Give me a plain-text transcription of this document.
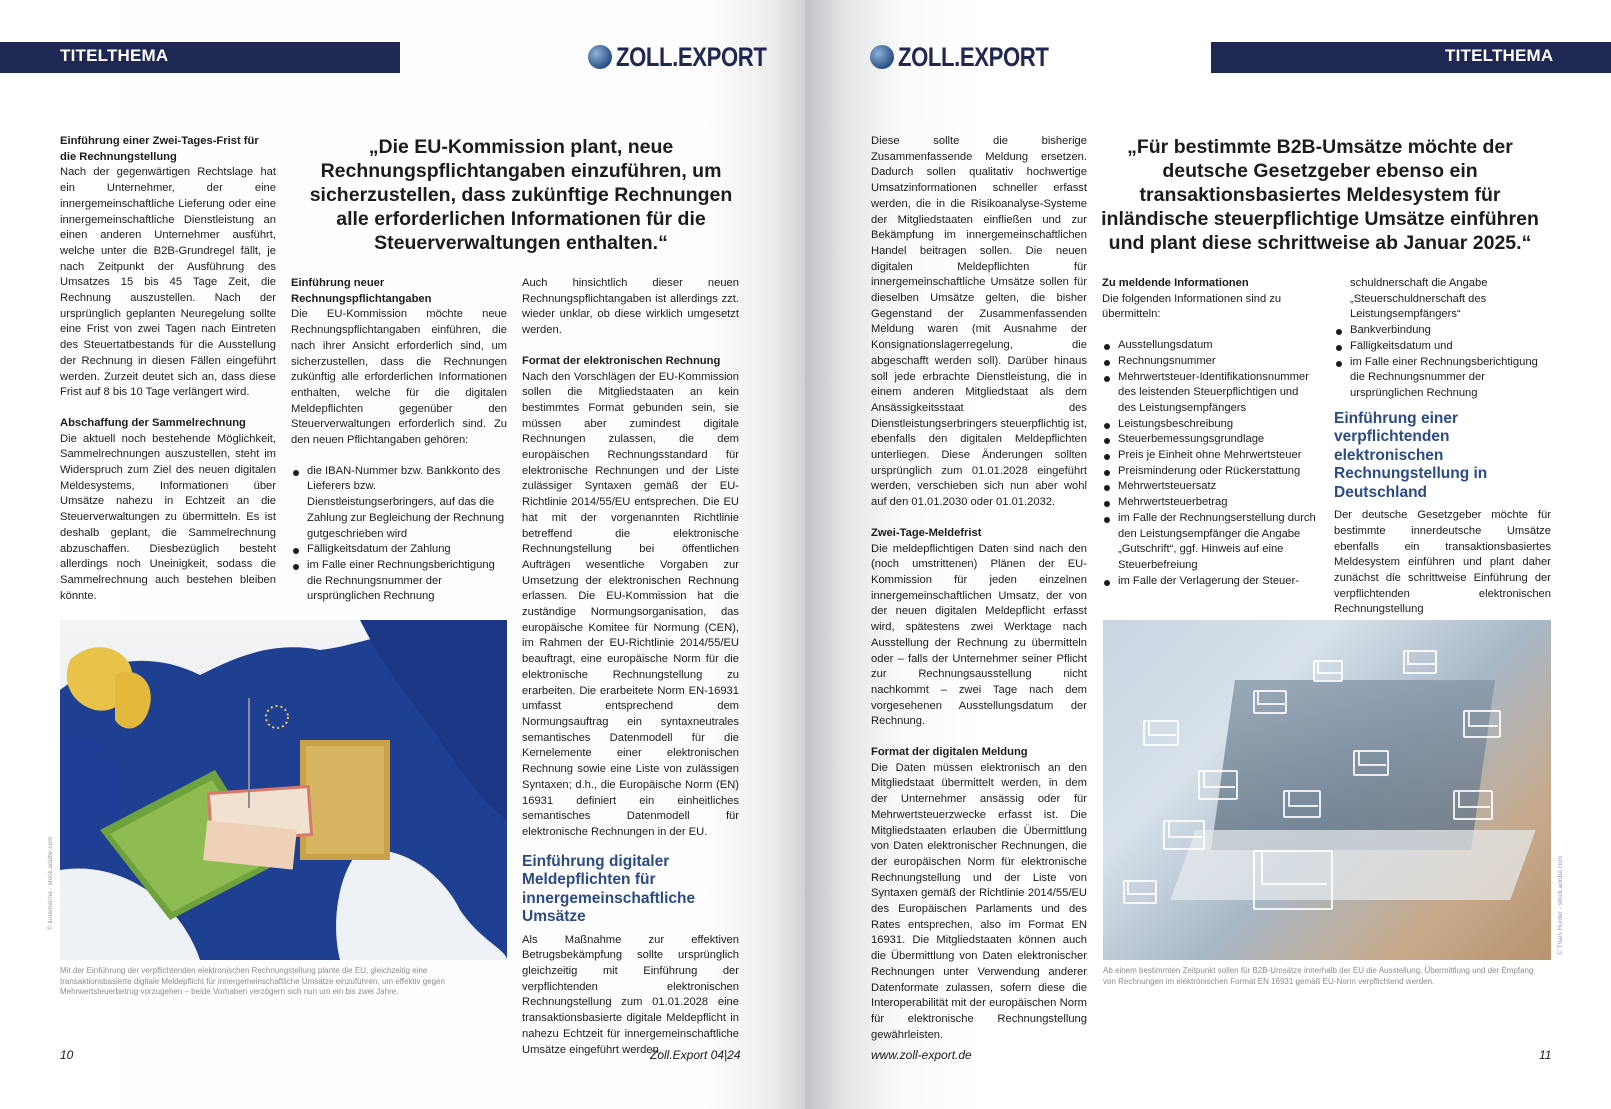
TITELTHEMA	ZOLL.EXPORT
Einführung einer Zwei-Tages-Frist für die Rechnungstellung

Nach der gegenwärtigen Rechtslage hat ein Unternehmer, der eine innergemeinschaftliche Lieferung oder eine innergemeinschaftliche Dienstleistung an einen anderen Unternehmer ausführt, welche unter die B2B-Grundregel fällt, je nach Zeitpunkt der Ausführung des Umsatzes 15 bis 45 Tage Zeit, die Rechnung auszustellen. Nach der ursprünglich geplanten Neuregelung sollte eine Frist von zwei Tagen nach Eintreten des Steuertatbestands für die Ausstellung der Rechnung in diesen Fällen eingeführt werden. Zurzeit deutet sich an, dass diese Frist auf 8 bis 10 Tage verlängert wird.

Abschaffung der Sammelrechnung

Die aktuell noch bestehende Möglichkeit, Sammelrechnungen auszustellen, steht im Widerspruch zum Ziel des neuen digitalen Meldesystems, Informationen über Umsätze nahezu in Echtzeit an die Steuerverwaltungen zu übermitteln. Es ist deshalb geplant, die Sammelrechnung abzuschaffen. Diesbezüglich besteht allerdings noch Uneinigkeit, sodass die Sammelrechnung auch bestehen bleiben könnte.

„Die EU-Kommission plant, neue Rechnungspflichtangaben einzuführen, um sicherzustellen, dass zukünftige Rechnungen alle erforderlichen Informationen für die Steuerverwaltungen enthalten.“
Einführung neuer Rechnungspflichtangaben

Die EU-Kommission möchte neue Rechnungspflichtangaben einführen, die nach ihrer Ansicht erforderlich sind, um sicherzustellen, dass die Rechnungen zukünftig alle erforderlichen Informationen enthalten, welche für die digitalen Meldepflichten gegenüber den Steuerverwaltungen erforderlich sind. Zu den neuen Pflichtangaben gehören:

die IBAN-Nummer bzw. Bankkonto des Lieferers bzw. Dienstleistungserbringers, auf das die Zahlung zur Begleichung der Rechnung gutgeschrieben wird
Fälligkeitsdatum der Zahlung
im Falle einer Rechnungsberichtigung die Rechnungsnummer der ursprünglichen Rechnung

Auch hinsichtlich dieser neuen Rechnungspflichtangaben ist allerdings zzt. wieder unklar, ob diese wirklich umgesetzt werden.

Format der elektronischen Rechnung

Nach den Vorschlägen der EU-Kommission sollen die Mitgliedstaaten an kein bestimmtes Format gebunden sein, sie müssen aber zumindest digitale Rechnungen zulassen, die dem europäischen Rechnungsstandard für elektronische Rechnungen und der Liste zulässiger Syntaxen gemäß der EU-Richtlinie 2014/55/EU entsprechen. Die EU hat mit der vorgenannten Richtlinie betreffend die elektronische Rechnungstellung bei öffentlichen Aufträgen wesentliche Vorgaben zur Umsetzung der elektronischen Rechnung erlassen. Die EU-Kommission hat die zuständige Normungsorganisation, das europäische Komitee für Normung (CEN), im Rahmen der EU-Richtlinie 2014/55/EU beauftragt, eine europäische Norm für die elektronische Rechnungstellung zu erarbeiten. Die erarbeitete Norm EN-16931 umfasst entsprechend dem Normungsauftrag ein syntaxneutrales semantisches Datenmodell für die Kernelemente einer elektronischen Rechnung sowie eine Liste von zulässigen Syntaxen; d.h., die Europäische Norm (EN) 16931 definiert ein einheitliches semantisches Datenmodell für elektronische Rechnungen in der EU.

Einführung digitaler Meldepflichten für innergemeinschaftliche Umsätze

Als Maßnahme zur effektiven Betrugsbekämpfung sollte ursprünglich gleichzeitig mit Einführung der verpflichtenden elektronischen Rechnungstellung zum 01.01.2028 eine transaktionsbasierte digitale Meldepflicht in nahezu Echtzeit für innergemeinschaftliche Umsätze eingeführt werden.

© lunamarina - stock.adobe.com
Mit der Einführung der verpflichtenden elektronischen Rechnungstellung plante die EU, gleichzeitig eine transaktionsbasierte digitale Meldepflicht für innergemeinschaftliche Umsätze einzuführen, um effektiv gegen Mehrwertsteuerbetrug vorzugehen – beide Vorhaben verzögern sich nun um ein bis zwei Jahre.
10	Zoll.Export 04|24
ZOLL.EXPORT	TITELTHEMA

Diese sollte die bisherige Zusammenfassende Meldung ersetzen. Dadurch sollen qualitativ hochwertige Umsatzinformationen schneller erfasst werden, die in die Risikoanalyse-Systeme der Mitgliedstaaten einfließen und zur Bekämpfung im innergemeinschaftlichen Handel beitragen sollen. Die neuen digitalen Meldepflichten für innergemeinschaftliche Umsätze sollen für dieselben Umsätze gelten, die bisher Gegenstand der Zusammenfassenden Meldung waren (mit Ausnahme der Konsignationslagerregelung, die abgeschafft werden soll). Darüber hinaus soll jede erbrachte Dienstleistung, die in einem anderen Mitgliedstaat als dem Ansässigkeitsstaat des Dienstleistungserbringers steuerpflichtig ist, ebenfalls den digitalen Meldepflichten unterliegen. Diese Änderungen sollten ursprünglich zum 01.01.2028 eingeführt werden, verschieben sich nun aber wohl auf den 01.01.2030 oder 01.01.2032.

Zwei-Tage-Meldefrist

Die meldepflichtigen Daten sind nach den (noch umstrittenen) Plänen der EU-Kommission für jeden einzelnen innergemeinschaftlichen Umsatz, der von der neuen digitalen Meldepflicht erfasst wird, spätestens zwei Werktage nach Ausstellung der Rechnung zu übermitteln oder – falls der Unternehmer seiner Pflicht zur Rechnungsausstellung nicht nachkommt – zwei Tage nach dem vorgesehenen Ausstellungsdatum der Rechnung.

Format der digitalen Meldung

Die Daten müssen elektronisch an den Mitgliedstaat übermittelt werden, in dem der Unternehmer ansässig oder für Mehrwertsteuerzwecke erfasst ist. Die Mitgliedstaaten erlauben die Übermittlung von Daten elektronischer Rechnungen, die der europäischen Norm für elektronische Rechnungstellung und der Liste von Syntaxen gemäß der Richtlinie 2014/55/EU des Europäischen Parlaments und des Rates entsprechen, also im Format EN 16931. Die Mitgliedstaaten können auch die Übermittlung von Daten elektronischer Rechnungen unter Verwendung anderer Datenformate zulassen, sofern diese die Interoperabilität mit der europäischen Norm für elektronische Rechnungstellung gewährleisten.

„Für bestimmte B2B-Umsätze möchte der deutsche Gesetzgeber ebenso ein transaktionsbasiertes Meldesystem für inländische steuerpflichtige Umsätze einführen und plant diese schrittweise ab Januar 2025.“
Zu meldende Informationen

Die folgenden Informationen sind zu übermitteln:

Ausstellungsdatum
Rechnungsnummer
Mehrwertsteuer-Identifikationsnummer des leistenden Steuerpflichtigen und des Leistungsempfängers
Leistungsbeschreibung
Steuerbemessungsgrundlage
Preis je Einheit ohne Mehrwertsteuer
Preisminderung oder Rückerstattung
Mehrwertsteuersatz
Mehrwertsteuerbetrag
im Falle der Rechnungserstellung durch den Leistungsempfänger die Angabe „Gutschrift“, ggf. Hinweis auf eine Steuerbefreiung
im Falle der Verlagerung der Steuer-

schuldnerschaft die Angabe „Steuerschuldnerschaft des Leistungsempfängers“

Bankverbindung
Fälligkeitsdatum und
im Falle einer Rechnungsberichtigung die Rechnungsnummer der ursprünglichen Rechnung
Einführung einer verpflichtenden elektronischen Rechnungstellung in Deutschland

Der deutsche Gesetzgeber möchte für bestimmte innerdeutsche Umsätze ebenfalls ein transaktionsbasiertes Meldesystem einführen und plant daher zunächst die schrittweise Einführung der verpflichtenden elektronischen Rechnungstellung

© Thaïs Hunter - stock.adobe.com
Ab einem bestimmten Zeitpunkt sollen für B2B-Umsätze innerhalb der EU die Ausstellung, Übermittlung und der Empfang von Rechnungen im elektronischen Format EN 16931 gemäß EU-Norm verpflichtend werden.
www.zoll-export.de	11
